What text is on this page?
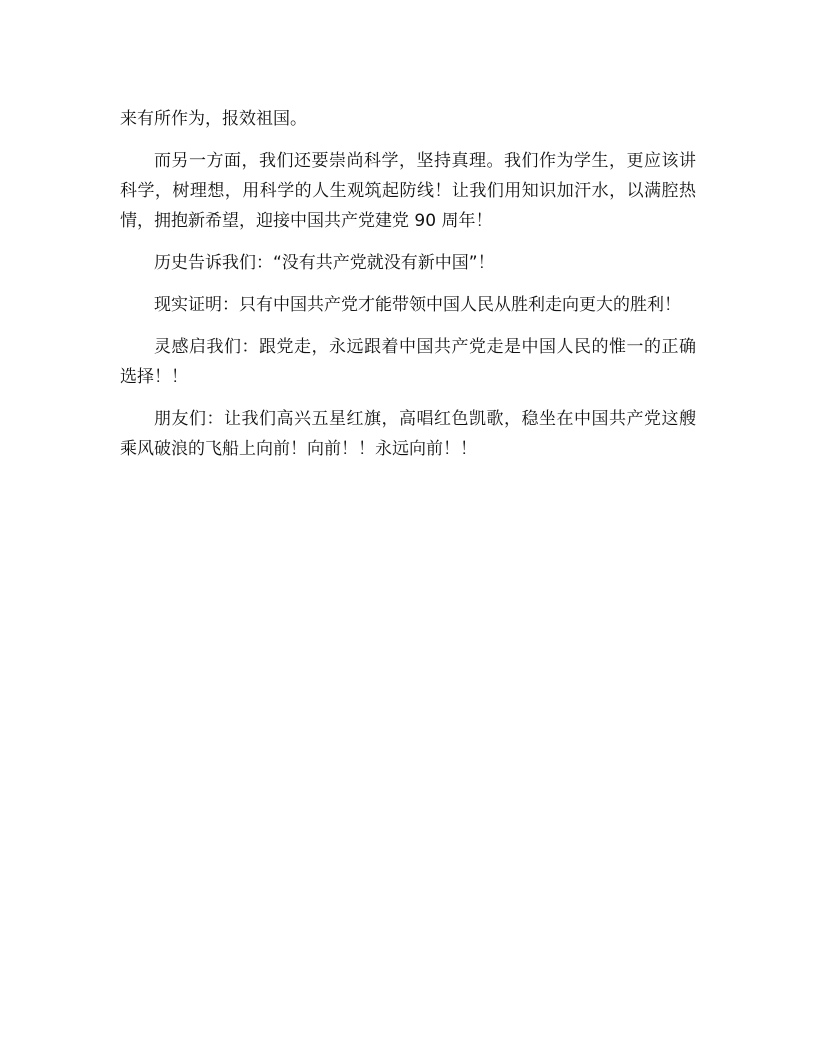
来有所作为，报效祖国。

而另一方面，我们还要崇尚科学，坚持真理。我们作为学生，更应该讲科学，树理想，用科学的人生观筑起防线！让我们用知识加汗水，以满腔热情，拥抱新希望，迎接中国共产党建党 90 周年！

历史告诉我们：“没有共产党就没有新中国”！

现实证明：只有中国共产党才能带领中国人民从胜利走向更大的胜利！

灵感启我们：跟党走，永远跟着中国共产党走是中国人民的惟一的正确选择！！

朋友们：让我们高兴五星红旗，高唱红色凯歌，稳坐在中国共产党这艘乘风破浪的飞船上向前！向前！！永远向前！！
